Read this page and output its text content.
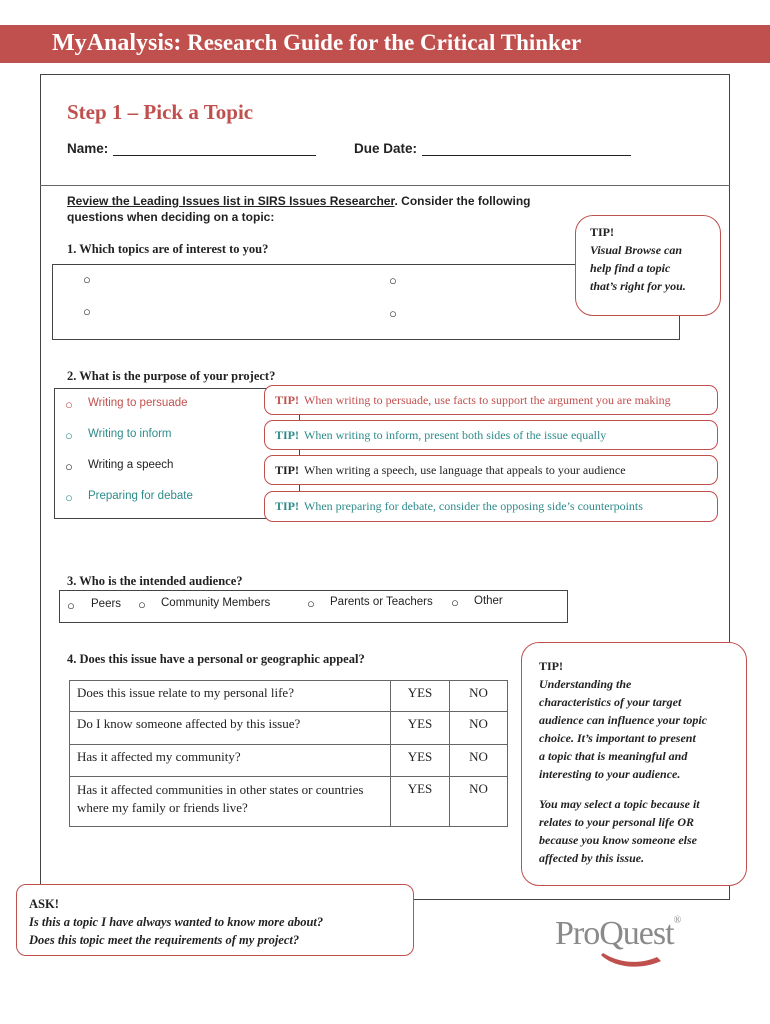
MyAnalysis: Research Guide for the Critical Thinker
Step 1 – Pick a Topic
Name:	Due Date:
Review the Leading Issues list in SIRS Issues Researcher. Consider the following questions when deciding on a topic:
1. Which topics are of interest to you?
○
○
○
○
TIP!
Visual Browse can
help find a topic
that’s right for you.
2. What is the purpose of your project?
○ Writing to persuade
○ Writing to inform
○ Writing a speech
○ Preparing for debate
TIP! When writing to persuade, use facts to support the argument you are making
TIP! When writing to inform, present both sides of the issue equally
TIP! When writing a speech, use language that appeals to your audience
TIP! When preparing for debate, consider the opposing side’s counterpoints
3. Who is the intended audience?
○ Peers ○ Community Members	○ Parents or Teachers ○ Other
4. Does this issue have a personal or geographic appeal?
Does this issue relate to my personal life?	YES	NO
Do I know someone affected by this issue?	YES	NO
Has it affected my community?	YES	NO
Has it affected communities in other states or countries where my family or friends live?	YES	NO
TIP!
Understanding the
characteristics of your target
audience can influence your topic
choice. It’s important to present
a topic that is meaningful and
interesting to your audience.
You may select a topic because it
relates to your personal life OR
because you know someone else
affected by this issue.
ASK!
Is this a topic I have always wanted to know more about?
Does this topic meet the requirements of my project?	ProQuest®
